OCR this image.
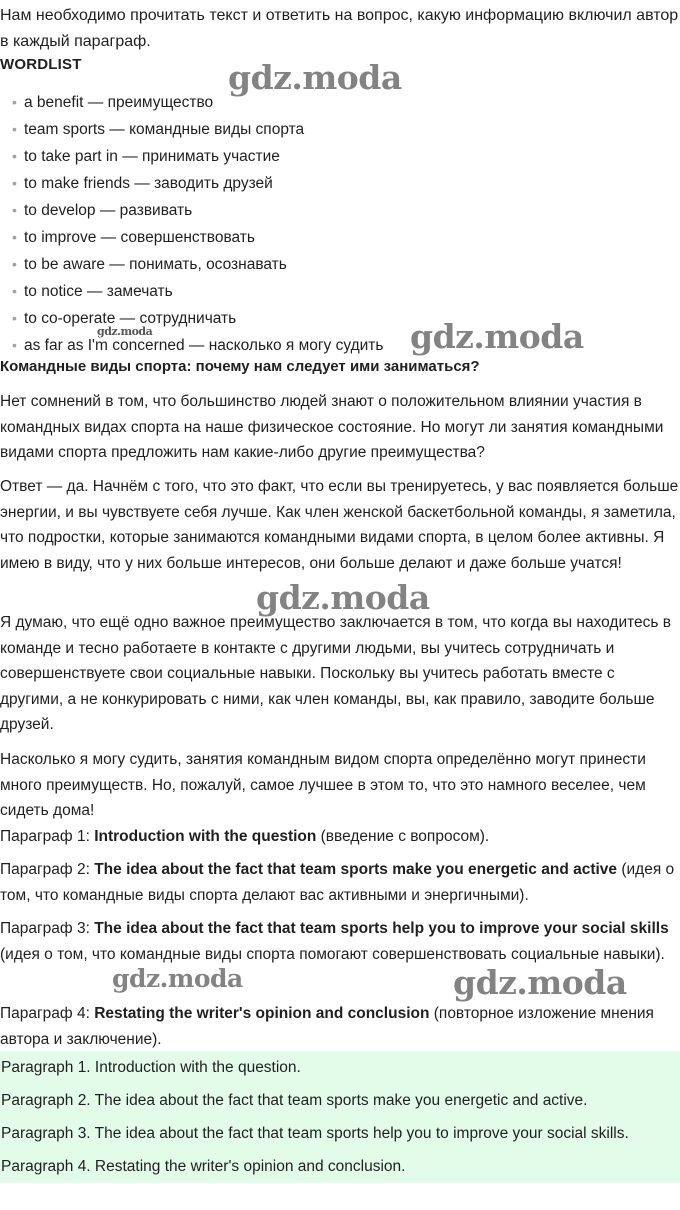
Нам необходимо прочитать текст и ответить на вопрос, какую информацию включил автор в каждый параграф.

WORDLIST
• a benefit — преимущество
• team sports — командные виды спорта
• to take part in — принимать участие
• to make friends — заводить друзей
• to develop — развивать
• to improve — совершенствовать
• to be aware — понимать, осознавать
• to notice — замечать
• to co-operate — сотрудничать
• as far as I'm concerned — насколько я могу судить
Командные виды спорта: почему нам следует ими заниматься?

Нет сомнений в том, что большинство людей знают о положительном влиянии участия в командных видах спорта на наше физическое состояние. Но могут ли занятия командными видами спорта предложить нам какие-либо другие преимущества?

Ответ — да. Начнём с того, что это факт, что если вы тренируетесь, у вас появляется больше энергии, и вы чувствуете себя лучше. Как член женской баскетбольной команды, я заметила, что подростки, которые занимаются командными видами спорта, в целом более активны. Я имею в виду, что у них больше интересов, они больше делают и даже больше учатся!

Я думаю, что ещё одно важное преимущество заключается в том, что когда вы находитесь в команде и тесно работаете в контакте с другими людьми, вы учитесь сотрудничать и совершенствуете свои социальные навыки. Поскольку вы учитесь работать вместе с другими, а не конкурировать с ними, как член команды, вы, как правило, заводите больше друзей.

Насколько я могу судить, занятия командным видом спорта определённо могут принести много преимуществ. Но, пожалуй, самое лучшее в этом то, что это намного веселее, чем сидеть дома!

Параграф 1: Introduction with the question (введение с вопросом).

Параграф 2: The idea about the fact that team sports make you energetic and active (идея о том, что командные виды спорта делают вас активными и энергичными).

Параграф 3: The idea about the fact that team sports help you to improve your social skills (идея о том, что командные виды спорта помогают совершенствовать социальные навыки).

Параграф 4: Restating the writer's opinion and conclusion (повторное изложение мнения автора и заключение).

Paragraph 1. Introduction with the question.
Paragraph 2. The idea about the fact that team sports make you energetic and active.
Paragraph 3. The idea about the fact that team sports help you to improve your social skills.
Paragraph 4. Restating the writer's opinion and conclusion.
gdz.moda
gdz.moda
gdz.moda
gdz.moda
gdz.moda	gdz.moda
